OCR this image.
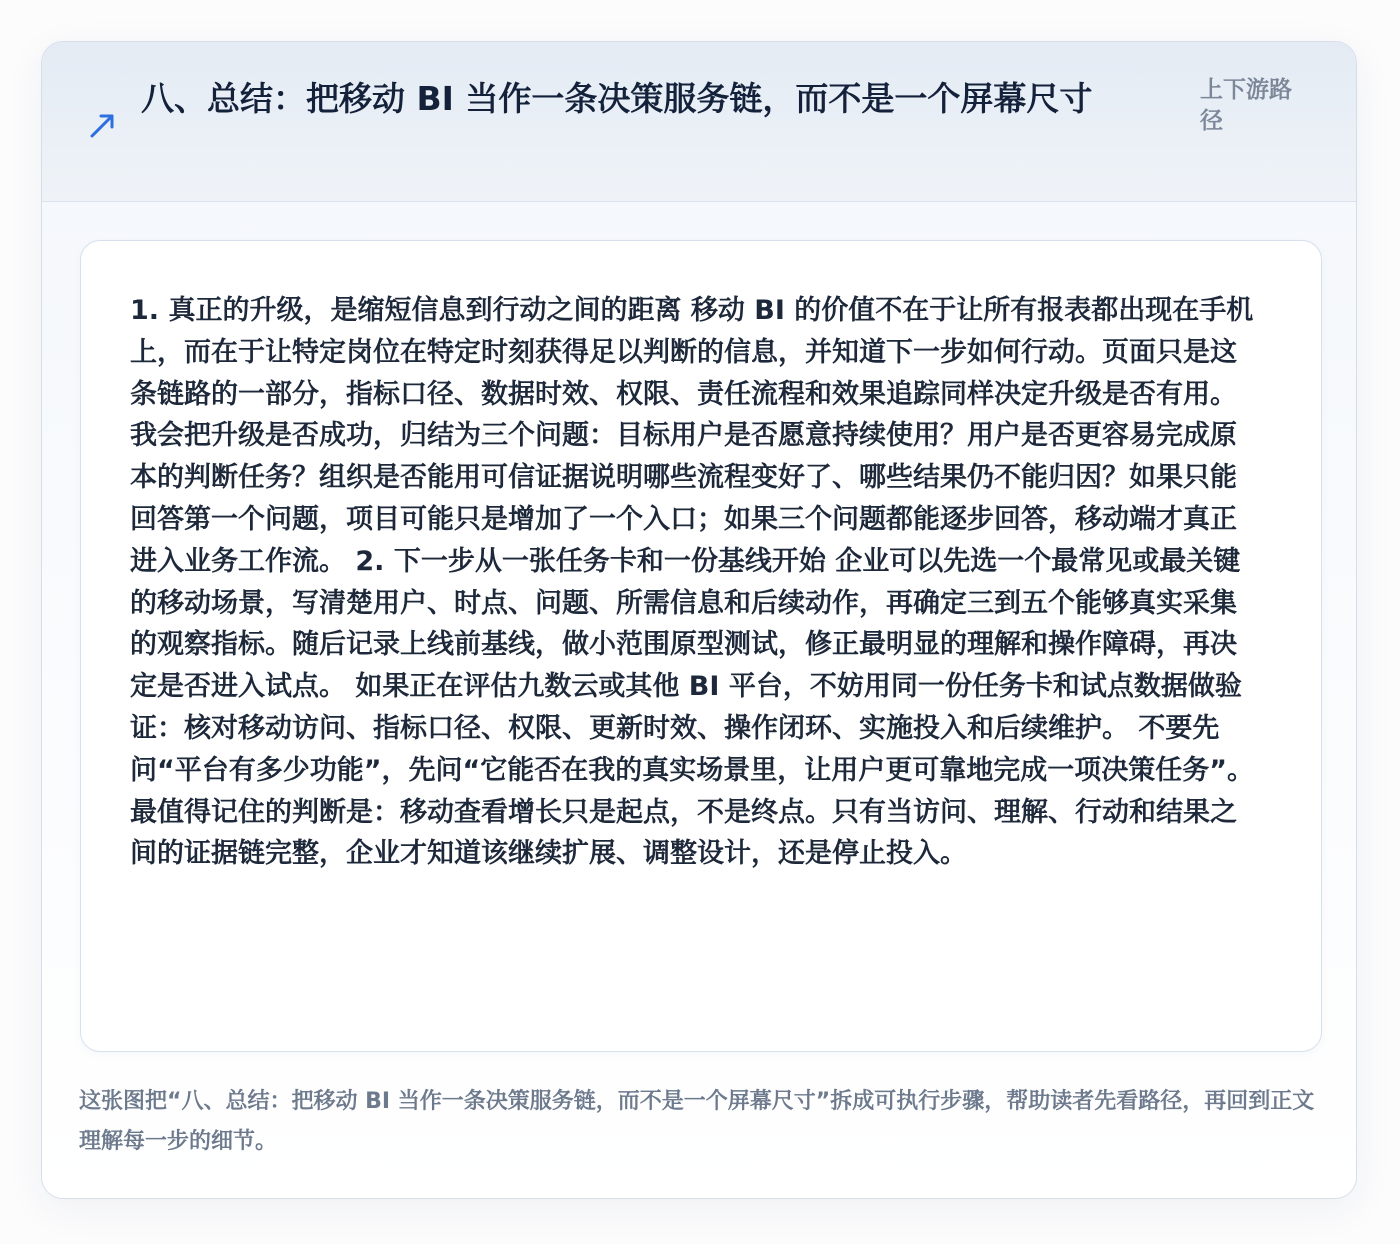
八、总结：把移动 BI 当作一条决策服务链，而不是一个屏幕尺寸	上下游路径

1. 真正的升级，是缩短信息到行动之间的距离 移动 BI 的价值不在于让所有报表都出现在手机上，而在于让特定岗位在特定时刻获得足以判断的信息，并知道下一步如何行动。页面只是这条链路的一部分，指标口径、数据时效、权限、责任流程和效果追踪同样决定升级是否有用。 我会把升级是否成功，归结为三个问题：目标用户是否愿意持续使用？用户是否更容易完成原本的判断任务？组织是否能用可信证据说明哪些流程变好了、哪些结果仍不能归因？如果只能回答第一个问题，项目可能只是增加了一个入口；如果三个问题都能逐步回答，移动端才真正进入业务工作流。 2. 下一步从一张任务卡和一份基线开始 企业可以先选一个最常见或最关键的移动场景，写清楚用户、时点、问题、所需信息和后续动作，再确定三到五个能够真实采集的观察指标。随后记录上线前基线，做小范围原型测试，修正最明显的理解和操作障碍，再决定是否进入试点。 如果正在评估九数云或其他 BI 平台，不妨用同一份任务卡和试点数据做验证：核对移动访问、指标口径、权限、更新时效、操作闭环、实施投入和后续维护。 不要先问“平台有多少功能”，先问“它能否在我的真实场景里，让用户更可靠地完成一项决策任务”。 最值得记住的判断是：移动查看增长只是起点，不是终点。只有当访问、理解、行动和结果之间的证据链完整，企业才知道该继续扩展、调整设计，还是停止投入。

这张图把“八、总结：把移动 BI 当作一条决策服务链，而不是一个屏幕尺寸”拆成可执行步骤，帮助读者先看路径，再回到正文理解每一步的细节。
